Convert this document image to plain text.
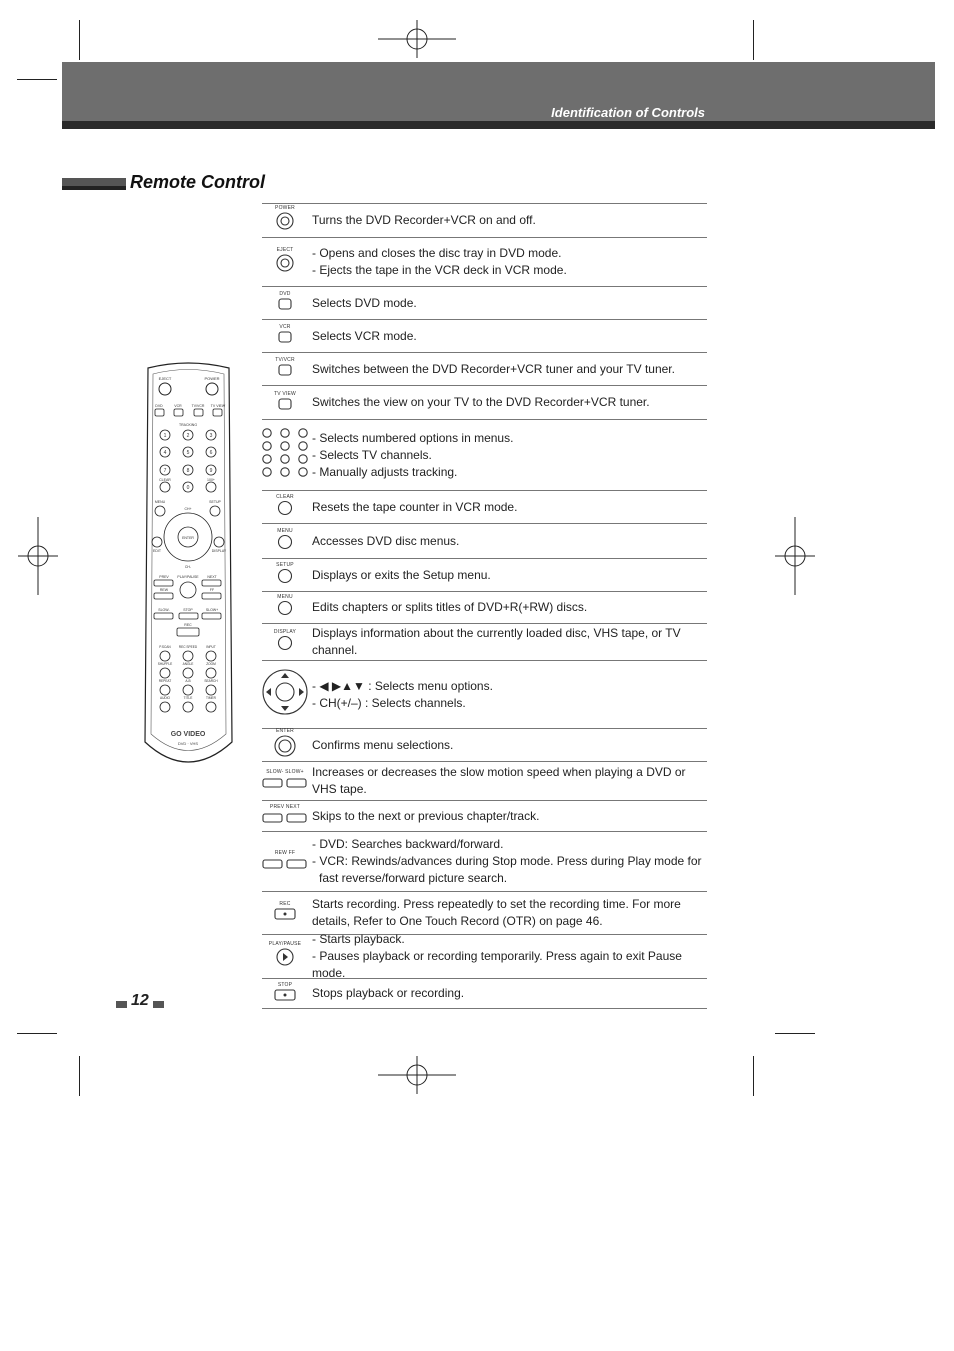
Identification of Controls
Remote Control
EJECT	POWER
DVD	VCR	TV/VCR TV VIEW
TRACKING
1	2	3
4	5	6
7	8	9
CLEAR
0
100+
MENU	SETUP
CH+
EDIT
ENTER
DISPLAY
CH-
PREV PLAY/PAUSE NEXT
REW	FF
SLOW-	STOP	SLOW+
REC
P.SCAN	REC SPEED	INPUT
SHUFFLE	ANGLE	ZOOM
REPEAT	A-B	SEARCH
AUDIO	TITLE	TIMER
GO VIDEO
DVD · VHS
POWER
Turns the DVD Recorder+VCR on and off.
EJECT - Opens and closes the disc tray in DVD mode.
- Ejects the tape in the VCR deck in VCR mode.
DVD
Selects DVD mode.
VCR
Selects VCR mode.
TV/VCR
Switches between the DVD Recorder+VCR tuner and your TV tuner.
TV VIEW
Switches the view on your TV to the DVD Recorder+VCR tuner.
- Selects numbered options in menus.
- Selects TV channels.
- Manually adjusts tracking.
CLEAR
Resets the tape counter in VCR mode.
MENU
Accesses DVD disc menus.
SETUP
Displays or exits the Setup menu.
MENU
Edits chapters or splits titles of DVD+R(+RW) discs.
DISPLAY Displays information about the currently loaded disc, VHS tape, or TV channel.
- ◀ ▶▲▼ : Selects menu options.
- CH(+/–) : Selects channels.
ENTER
Confirms menu selections.
SLOW- SLOW+ Increases or decreases the slow motion speed when playing a DVD or VHS tape.
PREV NEXT
Skips to the next or previous chapter/track.
REW FF
- DVD: Searches backward/forward.
- VCR: Rewinds/advances during Stop mode. Press during Play mode for
fast reverse/forward picture search.
REC Starts recording. Press repeatedly to set the recording time. For more details, Refer to One Touch Record (OTR) on page 46.
PLAY/PAUSE - Starts playback.
- Pauses playback or recording temporarily. Press again to exit Pause mode.
STOP
Stops playback or recording.
12
